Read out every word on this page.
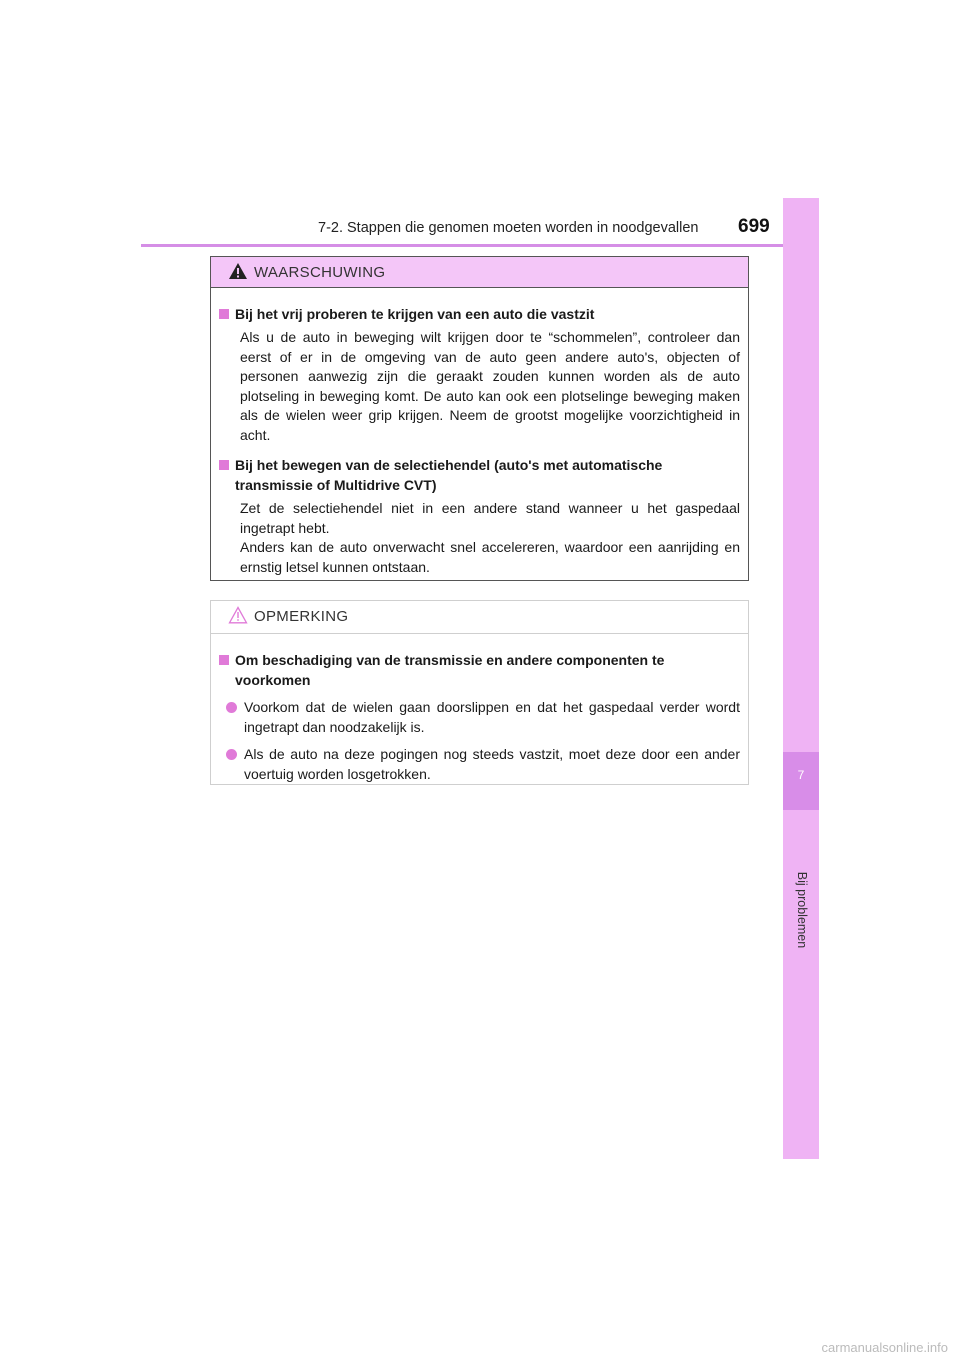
7-2. Stappen die genomen moeten worden in noodgevallen 699
7
Bij problemen
WAARSCHUWING
Bij het vrij proberen te krijgen van een auto die vastzit
Als u de auto in beweging wilt krijgen door te “schommelen”, controleer dan eerst of er in de omgeving van de auto geen andere auto's, objecten of personen aanwezig zijn die geraakt zouden kunnen worden als de auto plotseling in beweging komt. De auto kan ook een plotselinge beweging maken als de wielen weer grip krijgen. Neem de grootst mogelijke voorzichtigheid in acht.
Bij het bewegen van de selectiehendel (auto's met automatische transmissie of Multidrive CVT)
Zet de selectiehendel niet in een andere stand wanneer u het gaspedaal ingetrapt hebt.
Anders kan de auto onverwacht snel accelereren, waardoor een aanrijding en ernstig letsel kunnen ontstaan.
OPMERKING
Om beschadiging van de transmissie en andere componenten te voorkomen
Voorkom dat de wielen gaan doorslippen en dat het gaspedaal verder wordt ingetrapt dan noodzakelijk is.
Als de auto na deze pogingen nog steeds vastzit, moet deze door een ander voertuig worden losgetrokken.
carmanualsonline.info
